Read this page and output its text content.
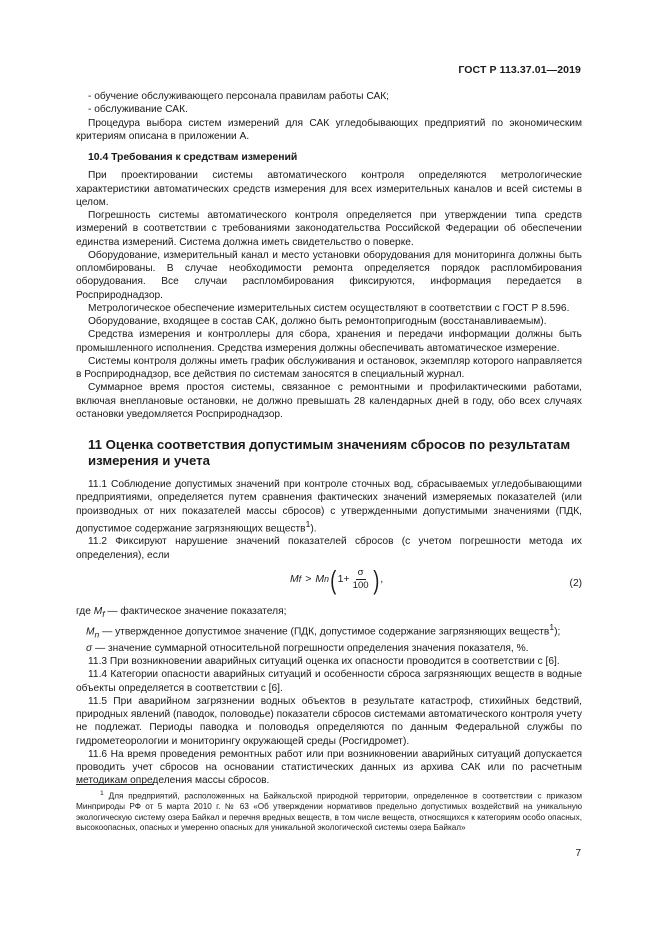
ГОСТ Р 113.37.01—2019

- обучение обслуживающего персонала правилам работы САК;

- обслуживание САК.

Процедура выбора систем измерений для САК угледобывающих предприятий по экономическим критериям описана в приложении А.

10.4 Требования к средствам измерений

При проектировании системы автоматического контроля определяются метрологические характеристики автоматических средств измерения для всех измерительных каналов и всей системы в целом.

Погрешность системы автоматического контроля определяется при утверждении типа средств измерений в соответствии с требованиями законодательства Российской Федерации об обеспечении единства измерений. Система должна иметь свидетельство о поверке.

Оборудование, измерительный канал и место установки оборудования для мониторинга должны быть опломбированы. В случае необходимости ремонта определяется порядок распломбирования оборудования. Все случаи распломбирования фиксируются, информация передается в Росприроднадзор.

Метрологическое обеспечение измерительных систем осуществляют в соответствии с ГОСТ Р 8.596.

Оборудование, входящее в состав САК, должно быть ремонтопригодным (восстанавливаемым).

Средства измерения и контроллеры для сбора, хранения и передачи информации должны быть промышленного исполнения. Средства измерения должны обеспечивать автоматическое измерение.

Системы контроля должны иметь график обслуживания и остановок, экземпляр которого направляется в Росприроднадзор, все действия по системам заносятся в специальный журнал.

Суммарное время простоя системы, связанное с ремонтными и профилактическими работами, включая внеплановые остановки, не должно превышать 28 календарных дней в году, обо всех случаях остановки уведомляется Росприроднадзор.

11 Оценка соответствия допустимым значениям сбросов по результатам измерения и учета

11.1 Соблюдение допустимых значений при контроле сточных вод, сбрасываемых угледобывающими предприятиями, определяется путем сравнения фактических значений измеряемых показателей (или производных от них показателей массы сбросов) с утвержденными допустимыми значениями (ПДК, допустимое содержание загрязняющих веществ$^1$).

11.2 Фиксируют нарушение значений показателей сбросов (с учетом погрешности метода их определения), если

M f > M n ( $1+ \frac{\sigma}{100}$ ) ,	(2)

где $M_f$ — фактическое значение показателя;

$M_n$ — утвержденное допустимое значение (ПДК, допустимое содержание загрязняющих веществ$^1$);

σ — значение суммарной относительной погрешности определения значения показателя, %.

11.3 При возникновении аварийных ситуаций оценка их опасности проводится в соответствии с [6].

11.4 Категории опасности аварийных ситуаций и особенности сброса загрязняющих веществ в водные объекты определяется в соответствии с [6].

11.5 При аварийном загрязнении водных объектов в результате катастроф, стихийных бедствий, природных явлений (паводок, половодье) показатели сбросов системами автоматического контроля учету не подлежат. Периоды паводка и половодья определяются по данным Федеральной службы по гидрометеорологии и мониторингу окружающей среды (Росгидромет).

11.6 На время проведения ремонтных работ или при возникновении аварийных ситуаций допускается проводить учет сбросов на основании статистических данных из архива САК или по расчетным методикам определения массы сбросов.

$^1$ Для предприятий, расположенных на Байкальской природной территории, определенное в соответствии с приказом Минприроды РФ от 5 марта 2010 г. № 63 «Об утверждении нормативов предельно допустимых воздействий на уникальную экологическую систему озера Байкал и перечня вредных веществ, в том числе веществ, относящихся к категориям особо опасных, высокоопасных, опасных и умеренно опасных для уникальной экологической системы озера Байкал»

7
